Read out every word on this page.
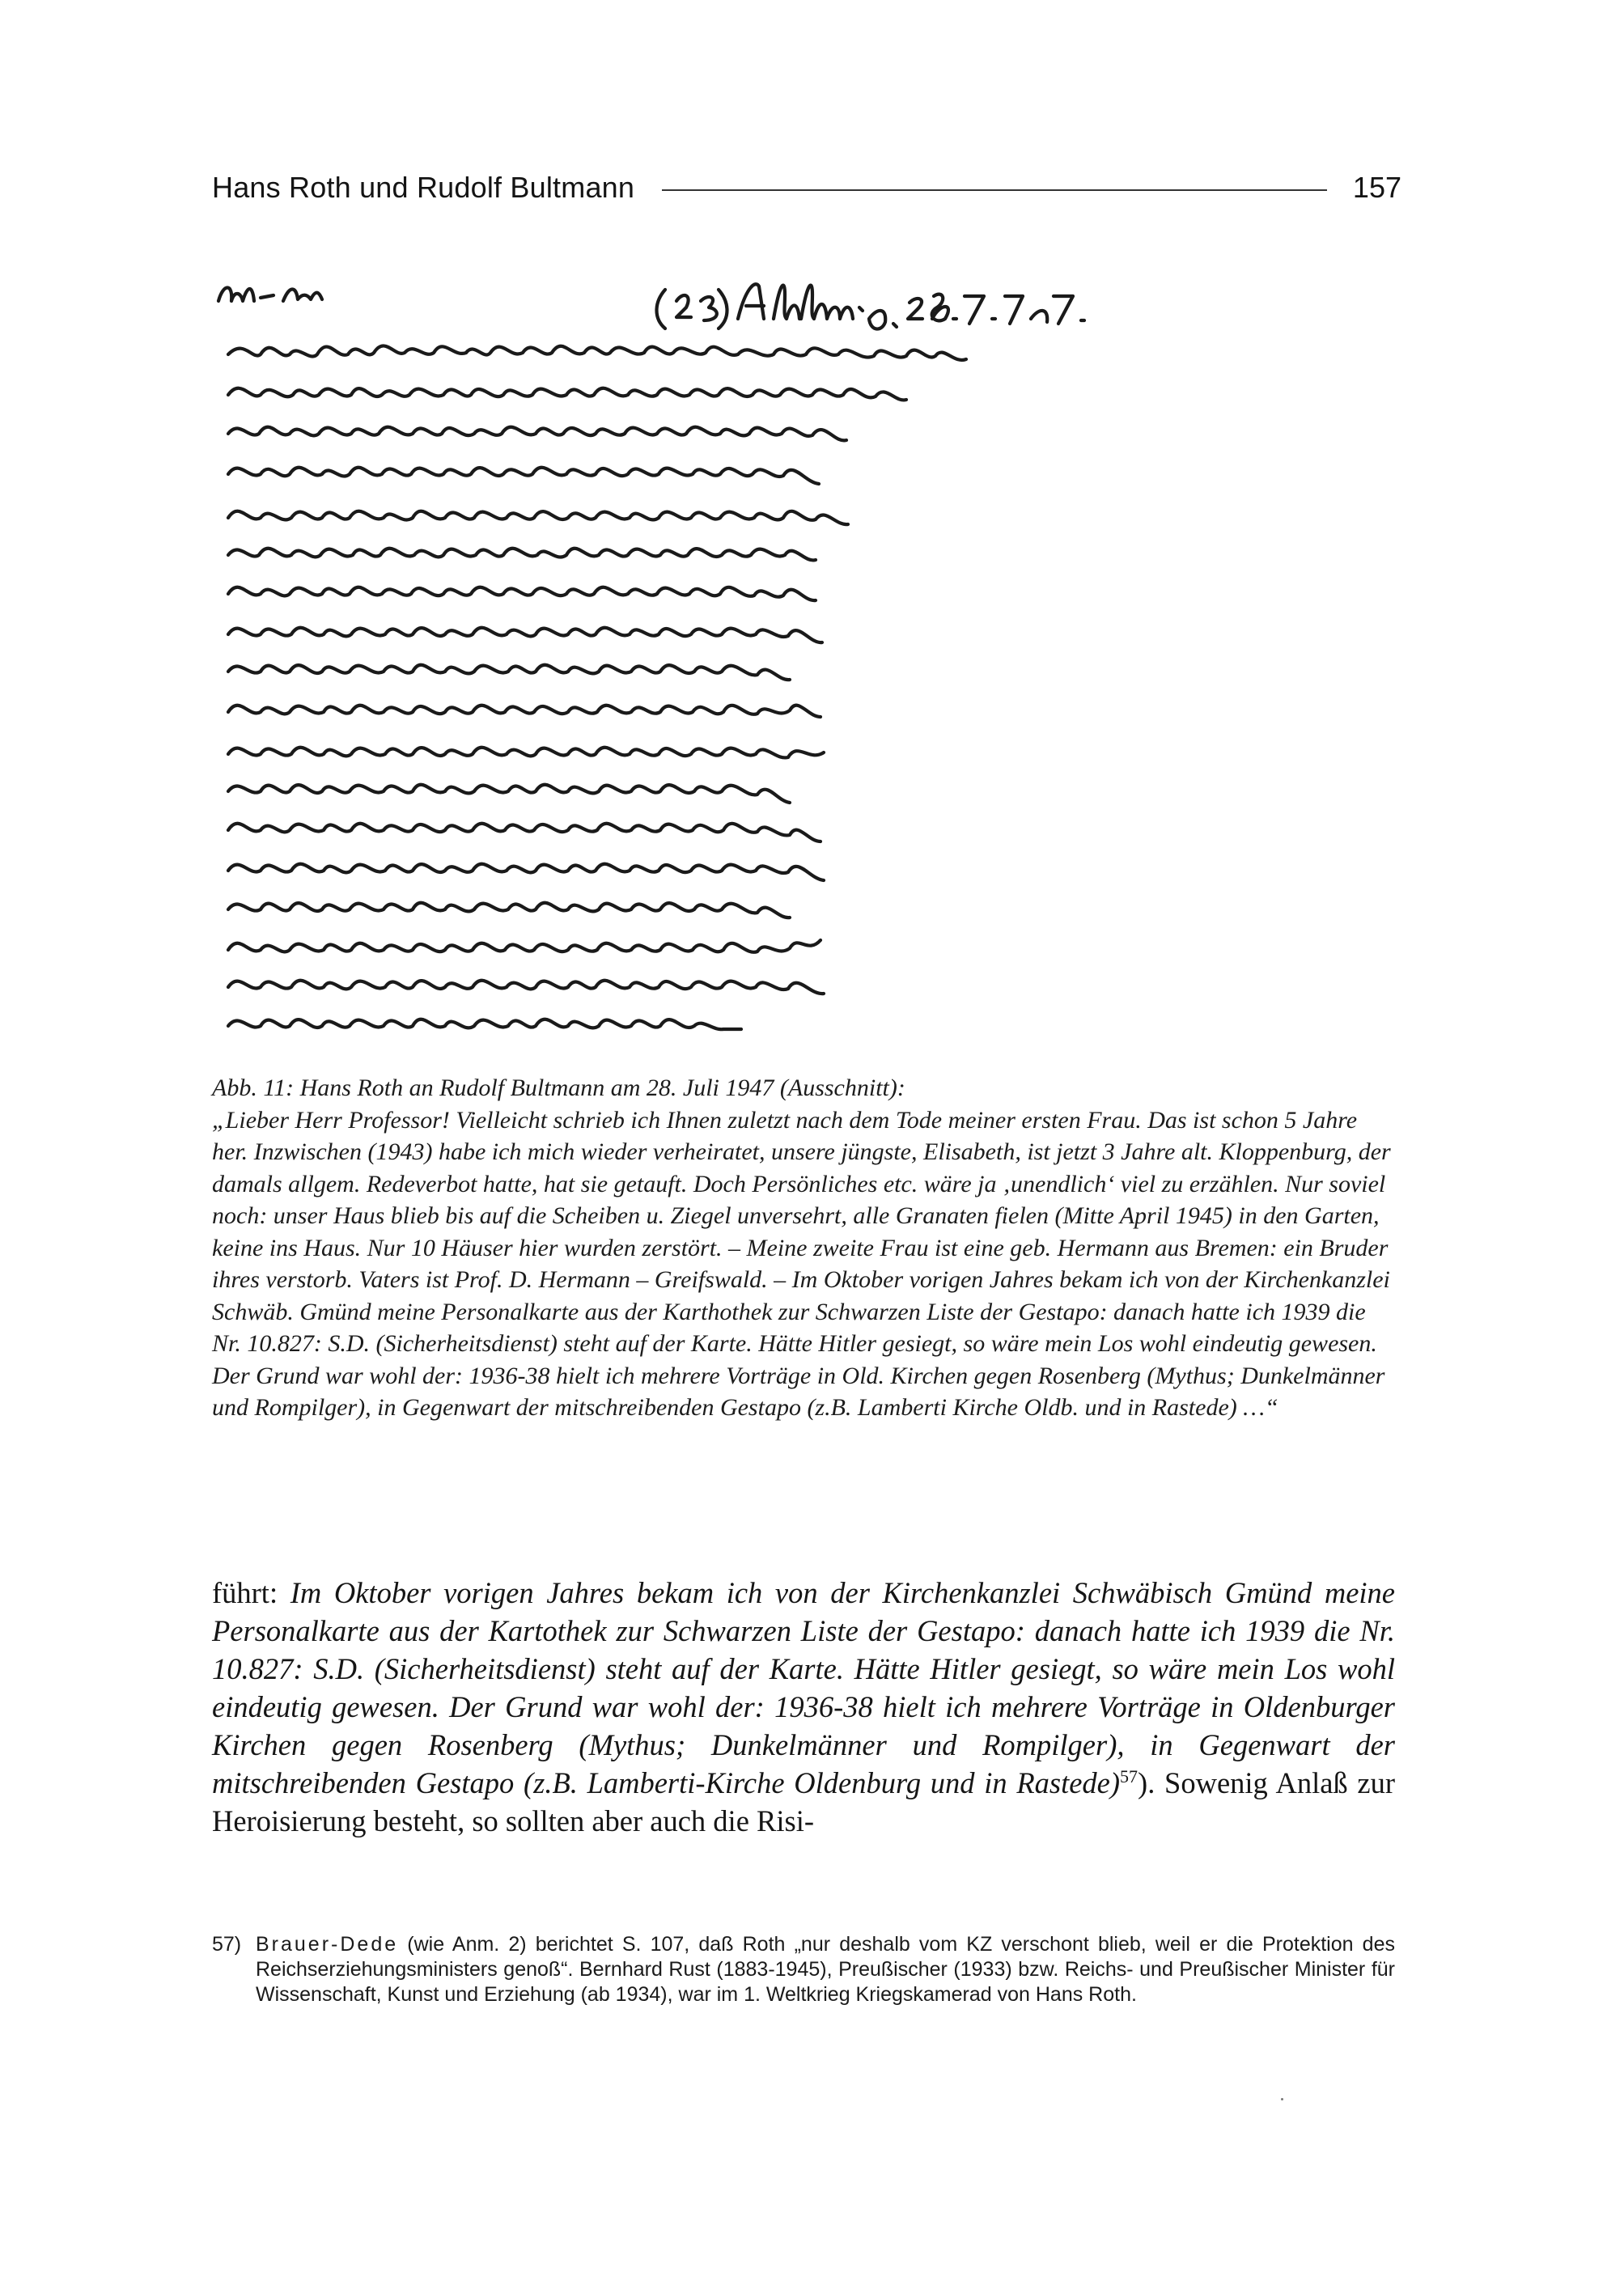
Hans Roth und Rudolf Bultmann	157

Abb. 11: Hans Roth an Rudolf Bultmann am 28. Juli 1947 (Ausschnitt):

„Lieber Herr Professor! Vielleicht schrieb ich Ihnen zuletzt nach dem Tode meiner ersten Frau. Das ist schon 5 Jahre her. Inzwischen (1943) habe ich mich wieder verheiratet, unsere jüngste, Elisabeth, ist jetzt 3 Jahre alt. Kloppenburg, der damals allgem. Redeverbot hatte, hat sie getauft. Doch Persönliches etc. wäre ja ‚unendlich‘ viel zu erzählen. Nur soviel noch: unser Haus blieb bis auf die Scheiben u. Ziegel unversehrt, alle Granaten fielen (Mitte April 1945) in den Garten, keine ins Haus. Nur 10 Häuser hier wurden zerstört. – Meine zweite Frau ist eine geb. Hermann aus Bremen: ein Bruder ihres verstorb. Vaters ist Prof. D. Hermann – Greifswald. – Im Oktober vorigen Jahres bekam ich von der Kirchenkanzlei Schwäb. Gmünd meine Personalkarte aus der Karthothek zur Schwarzen Liste der Gestapo: danach hatte ich 1939 die Nr. 10.827: S.D. (Sicherheitsdienst) steht auf der Karte. Hätte Hitler gesiegt, so wäre mein Los wohl eindeutig gewesen. Der Grund war wohl der: 1936-38 hielt ich mehrere Vorträge in Old. Kirchen gegen Rosenberg (Mythus; Dunkelmänner und Rompilger), in Gegenwart der mitschreibenden Gestapo (z.B. Lamberti Kirche Oldb. und in Rastede) …“

führt: Im Oktober vorigen Jahres bekam ich von der Kirchenkanzlei Schwäbisch Gmünd meine Personalkarte aus der Kartothek zur Schwarzen Liste der Gestapo: danach hatte ich 1939 die Nr. 10.827: S.D. (Sicherheitsdienst) steht auf der Karte. Hätte Hitler gesiegt, so wäre mein Los wohl eindeutig gewesen. Der Grund war wohl der: 1936-38 hielt ich mehrere Vorträge in Oldenburger Kirchen gegen Rosenberg (Mythus; Dunkelmänner und Rompilger), in Gegenwart der mitschreibenden Gestapo (z.B. Lamberti-Kirche Oldenburg und in Rastede)$^{57}$). Sowenig Anlaß zur Heroisierung besteht, so sollten aber auch die Risi-

57) Brauer-Dede (wie Anm. 2) berichtet S. 107, daß Roth „nur deshalb vom KZ verschont blieb, weil er die Protektion des Reichserziehungsministers genoß“. Bernhard Rust (1883-1945), Preußischer (1933) bzw. Reichs- und Preußischer Minister für Wissenschaft, Kunst und Erziehung (ab 1934), war im 1. Weltkrieg Kriegskamerad von Hans Roth.
